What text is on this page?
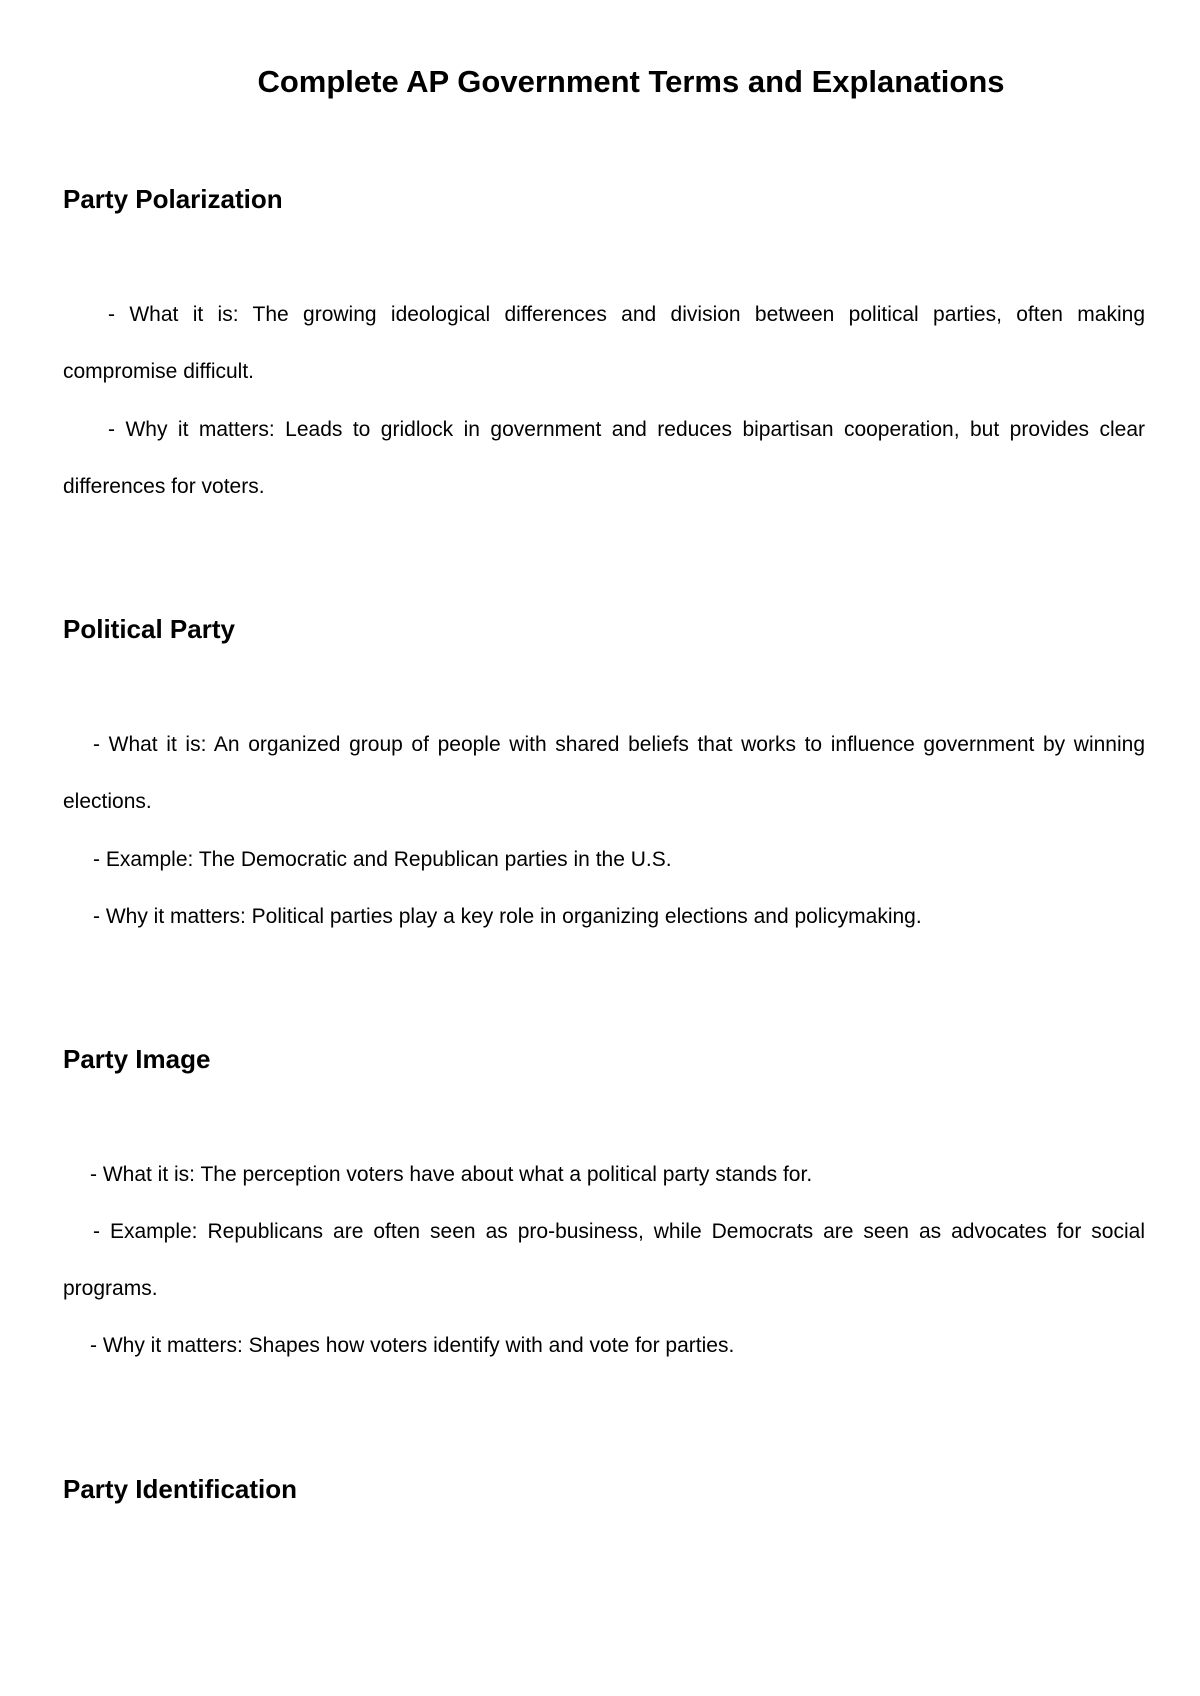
Complete AP Government Terms and Explanations
Party Polarization

- What it is: The growing ideological differences and division between political parties, often making compromise difficult.

- Why it matters: Leads to gridlock in government and reduces bipartisan cooperation, but provides clear differences for voters.

Political Party

- What it is: An organized group of people with shared beliefs that works to influence government by winning elections.

- Example: The Democratic and Republican parties in the U.S.

- Why it matters: Political parties play a key role in organizing elections and policymaking.

Party Image

- What it is: The perception voters have about what a political party stands for.

- Example: Republicans are often seen as pro-business, while Democrats are seen as advocates for social programs.

- Why it matters: Shapes how voters identify with and vote for parties.

Party Identification
